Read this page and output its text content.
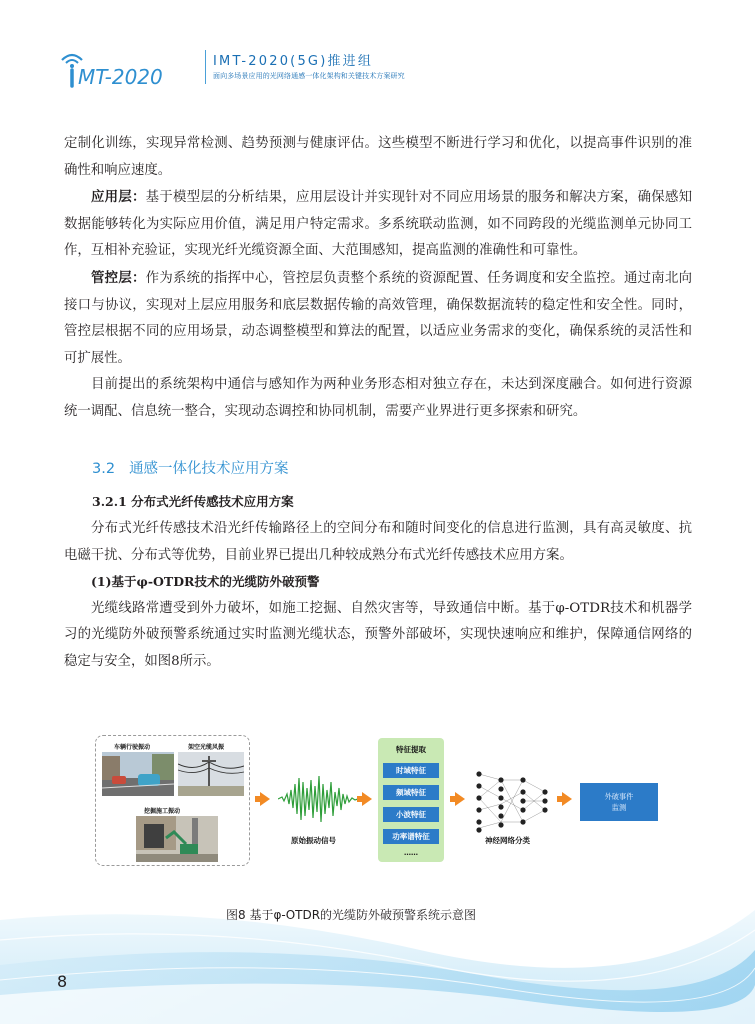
MT-2020
IMT-2020(5G)推进组
面向多场景应用的光网络通感一体化架构和关键技术方案研究

定制化训练，实现异常检测、趋势预测与健康评估。这些模型不断进行学习和优化，以提高事件识别的准确性和响应速度。

应用层：基于模型层的分析结果，应用层设计并实现针对不同应用场景的服务和解决方案，确保感知数据能够转化为实际应用价值，满足用户特定需求。多系统联动监测，如不同跨段的光缆监测单元协同工作，互相补充验证，实现光纤光缆资源全面、大范围感知，提高监测的准确性和可靠性。

管控层：作为系统的指挥中心，管控层负责整个系统的资源配置、任务调度和安全监控。通过南北向接口与协议，实现对上层应用服务和底层数据传输的高效管理，确保数据流转的稳定性和安全性。同时，管控层根据不同的应用场景，动态调整模型和算法的配置，以适应业务需求的变化，确保系统的灵活性和可扩展性。

目前提出的系统架构中通信与感知作为两种业务形态相对独立存在，未达到深度融合。如何进行资源统一调配、信息统一整合，实现动态调控和协同机制，需要产业界进行更多探索和研究。

3.2 通感一体化技术应用方案
3.2.1 分布式光纤传感技术应用方案

分布式光纤传感技术沿光纤传输路径上的空间分布和随时间变化的信息进行监测，具有高灵敏度、抗电磁干扰、分布式等优势，目前业界已提出几种较成熟分布式光纤传感技术应用方案。

(1)基于φ-OTDR技术的光缆防外破预警

光缆线路常遭受到外力破坏，如施工挖掘、自然灾害等，导致通信中断。基于φ-OTDR技术和机器学习的光缆防外破预警系统通过实时监测光缆状态，预警外部破坏，实现快速响应和维护，保障通信网络的稳定与安全，如图8所示。

车辆行驶振动	架空光缆风振
挖掘施工振动
原始振动信号
特征提取
时域特征
频域特征
小波特征
功率谱特征
……
神经网络分类
外破事件
监测
图8 基于φ-OTDR的光缆防外破预警系统示意图
8
